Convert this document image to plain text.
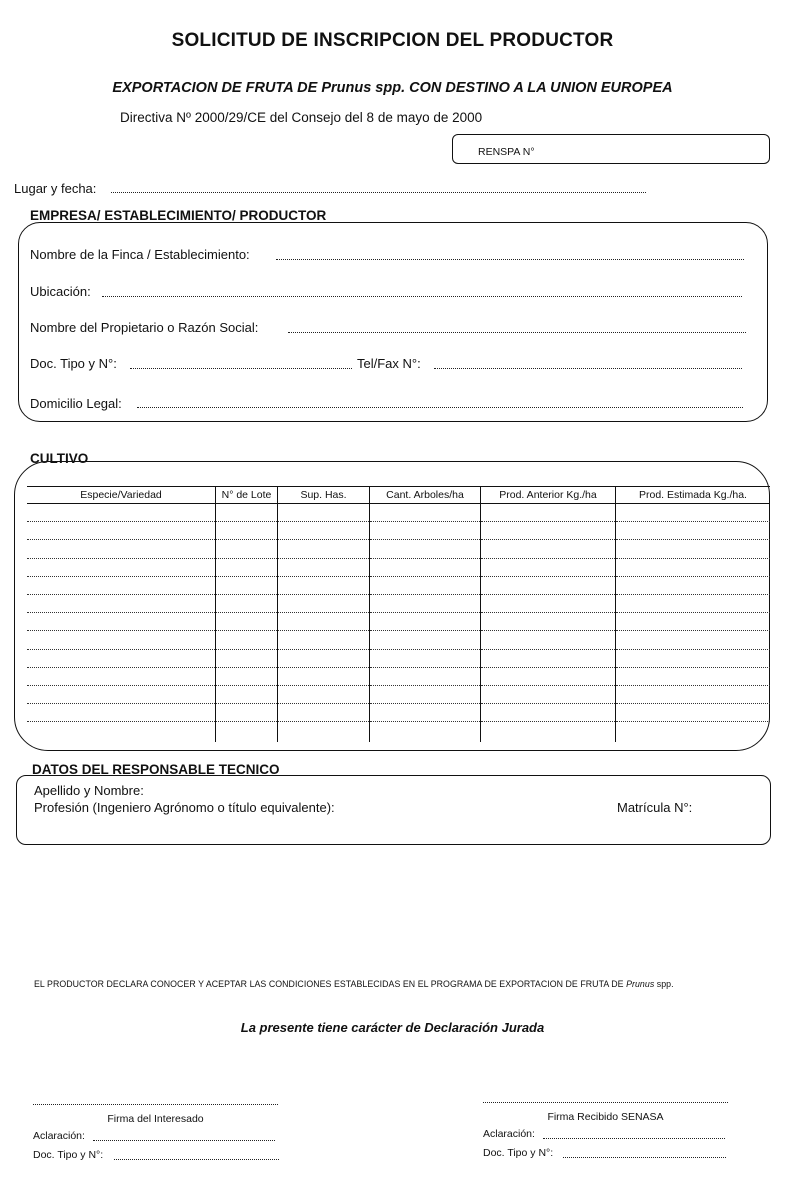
SOLICITUD DE INSCRIPCION DEL PRODUCTOR
EXPORTACION DE FRUTA DE Prunus spp. CON DESTINO A LA UNION EUROPEA
Directiva Nº 2000/29/CE del Consejo del 8 de mayo de 2000
RENSPA N°
Lugar y fecha:
EMPRESA/ ESTABLECIMIENTO/ PRODUCTOR
Nombre de la Finca / Establecimiento:
Ubicación:
Nombre del Propietario o Razón Social:
Doc. Tipo y N°:	Tel/Fax N°:
Domicilio Legal:
CULTIVO
Especie/Variedad	N° de Lote	Sup. Has.	Cant. Arboles/ha	Prod. Anterior Kg./ha	Prod. Estimada Kg./ha.

DATOS DEL RESPONSABLE TECNICO
Apellido y Nombre:
Profesión (Ingeniero Agrónomo o título equivalente):	Matrícula N°:
EL PRODUCTOR DECLARA CONOCER Y ACEPTAR LAS CONDICIONES ESTABLECIDAS EN EL PROGRAMA DE EXPORTACION DE FRUTA DE Prunus spp.
La presente tiene carácter de Declaración Jurada
Firma del Interesado
Aclaración:
Doc. Tipo y N°:
Firma Recibido SENASA
Aclaración:
Doc. Tipo y N°:
